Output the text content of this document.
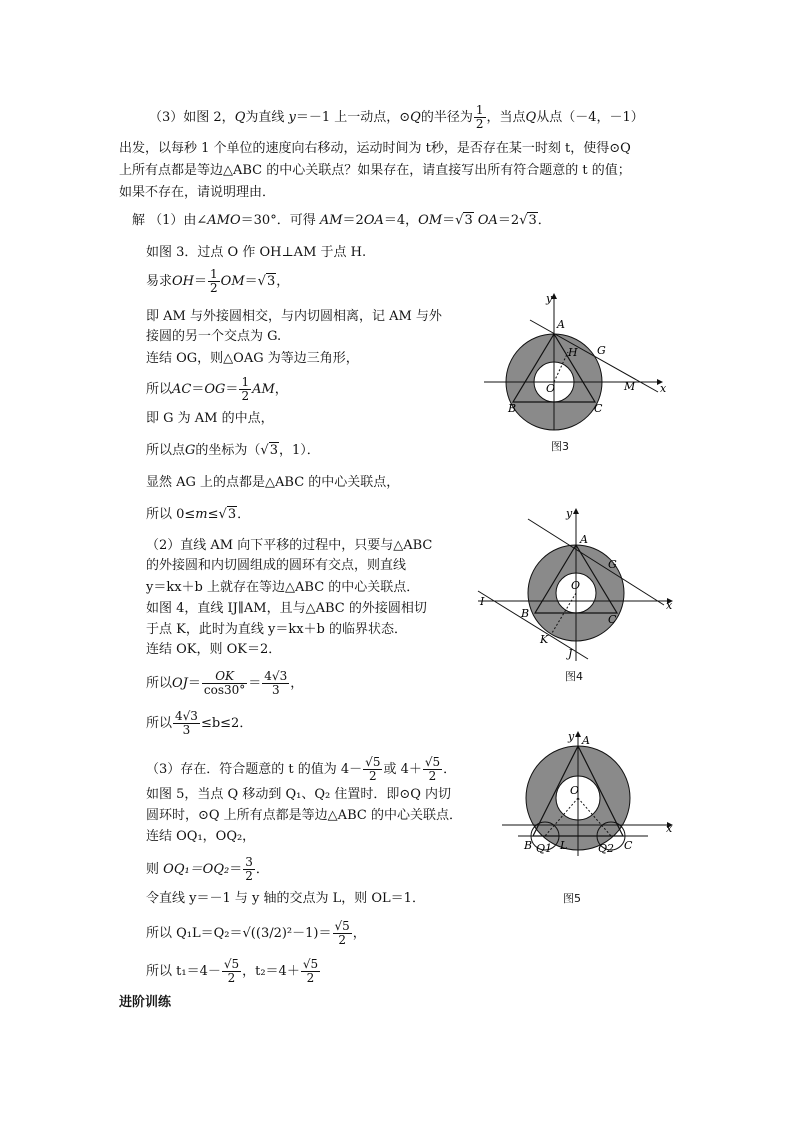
（3）如图 2，Q为直线 y＝－1 上一动点，⊙Q的半径为 $\frac{1}{2}$ ，当点Q从点（－4，－1）
出发，以每秒 1 个单位的速度向右移动，运动时间为 t秒，是否存在某一时刻 t，使得⊙Q
上所有点都是等边△ABC 的中心关联点？如果存在，请直接写出所有符合题意的 t 的值；
如果不存在，请说明理由．
解 （1）由∠AMO＝30°．可得 AM＝2OA＝4，OM＝√3 OA＝2√3．
如图 3．过点 O 作 OH⊥AM 于点 H.
易求$OH= \frac{1}{2} OM=√3$，
即 AM 与外接圆相交，与内切圆相离，记 AM 与外
接圆的另一个交点为 G.
连结 OG，则△OAG 为等边三角形，
所以$AC=OG= \frac{1}{2}$ AM，
即 G 为 AM 的中点，
所以点G的坐标为（√3，1）．
显然 AG 上的点都是△ABC 的中心关联点，
所以 0≤m≤√3．
（2）直线 AM 向下平移的过程中，只要与△ABC
的外接圆和内切圆组成的圆环有交点，则直线
y＝kx＋b 上就存在等边△ABC 的中心关联点．
如图 4，直线 IJ∥AM，且与△ABC 的外接圆相切
于点 K，此时为直线 y＝kx＋b 的临界状态．
连结 OK，则 OK＝2．
所以$OJ= \frac{OK}{\cos 30^\circ} = \frac{4√3}{3}$ ，
所以 $\frac{4√3}{3} \le b\le 2$．
（3）存在．符合题意的 t 的值为 $4- \frac{√5}{2}$ 或 $4+ \frac{√5}{2}$ ．
如图 5，当点 Q 移动到 Q₁、Q₂ 住置时．即⊙Q 内切
圆环时，⊙Q 上所有点都是等边△ABC 的中心关联点．
连结 OQ₁，OQ₂，
则 $OQ_1=OQ_2= \frac{3}{2}$ ．
令直线 y＝－1 与 y 轴的交点为 L，则 OL＝1．
所以 $Q_1L=Q_2=√((3/2)^2-1)= \frac{√5}{2}$ ，
所以 $t_1=4- \frac{√5}{2}$ ，$t_2=4+ \frac{√5}{2}$
进阶训练
A
H G
O	M
B	C
y
x
图3
A
G
O
I
B	C
K
J
y
x
图4
A
O
B Q1 L	Q2 C
y
x
图5
